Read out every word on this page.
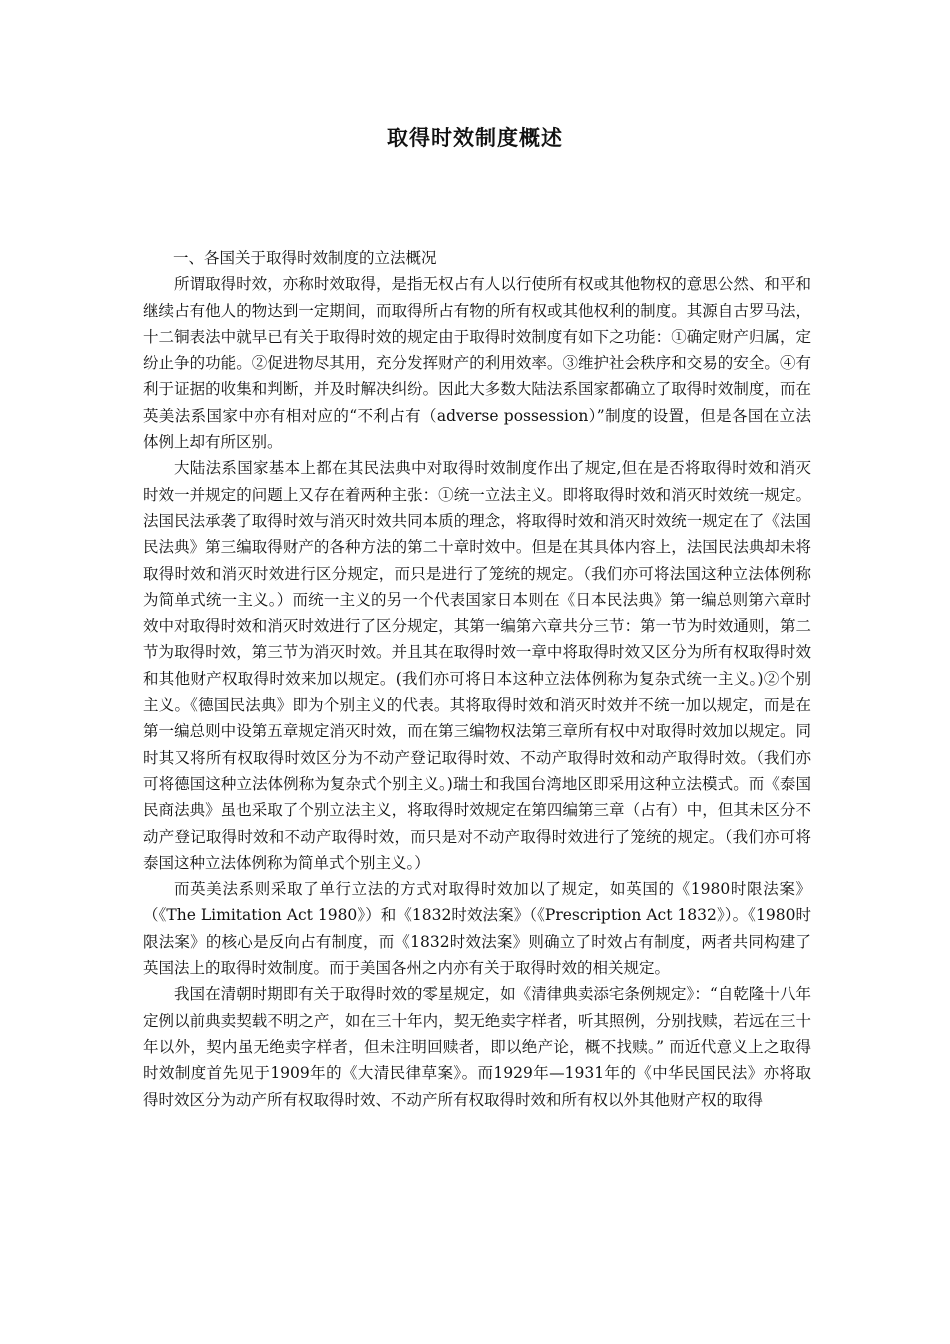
取得时效制度概述

一、各国关于取得时效制度的立法概况

所谓取得时效，亦称时效取得，是指无权占有人以行使所有权或其他物权的意思公然、和平和继续占有他人的物达到一定期间，而取得所占有物的所有权或其他权利的制度。其源自古罗马法，十二铜表法中就早已有关于取得时效的规定由于取得时效制度有如下之功能：①确定财产归属，定纷止争的功能。②促进物尽其用，充分发挥财产的利用效率。③维护社会秩序和交易的安全。④有利于证据的收集和判断，并及时解决纠纷。因此大多数大陆法系国家都确立了取得时效制度，而在英美法系国家中亦有相对应的“不利占有（adverse possession）”制度的设置，但是各国在立法体例上却有所区别。

大陆法系国家基本上都在其民法典中对取得时效制度作出了规定,但在是否将取得时效和消灭时效一并规定的问题上又存在着两种主张：①统一立法主义。即将取得时效和消灭时效统一规定。法国民法承袭了取得时效与消灭时效共同本质的理念，将取得时效和消灭时效统一规定在了《法国民法典》第三编取得财产的各种方法的第二十章时效中。但是在其具体内容上，法国民法典却未将取得时效和消灭时效进行区分规定，而只是进行了笼统的规定。（我们亦可将法国这种立法体例称为简单式统一主义。）而统一主义的另一个代表国家日本则在《日本民法典》第一编总则第六章时效中对取得时效和消灭时效进行了区分规定，其第一编第六章共分三节：第一节为时效通则，第二节为取得时效，第三节为消灭时效。并且其在取得时效一章中将取得时效又区分为所有权取得时效和其他财产权取得时效来加以规定。(我们亦可将日本这种立法体例称为复杂式统一主义。)②个别主义。《德国民法典》即为个别主义的代表。其将取得时效和消灭时效并不统一加以规定，而是在第一编总则中设第五章规定消灭时效，而在第三编物权法第三章所有权中对取得时效加以规定。同时其又将所有权取得时效区分为不动产登记取得时效、不动产取得时效和动产取得时效。（我们亦可将德国这种立法体例称为复杂式个别主义。)瑞士和我国台湾地区即采用这种立法模式。而《泰国民商法典》虽也采取了个别立法主义，将取得时效规定在第四编第三章（占有）中，但其未区分不动产登记取得时效和不动产取得时效，而只是对不动产取得时效进行了笼统的规定。（我们亦可将泰国这种立法体例称为简单式个别主义。）

而英美法系则采取了单行立法的方式对取得时效加以了规定，如英国的《1980时限法案》（《The Limitation Act 1980》）和《1832时效法案》（《Prescription Act 1832》）。《1980时限法案》的核心是反向占有制度，而《1832时效法案》则确立了时效占有制度，两者共同构建了英国法上的取得时效制度。而于美国各州之内亦有关于取得时效的相关规定。

我国在清朝时期即有关于取得时效的零星规定，如《清律典卖添宅条例规定》：“自乾隆十八年定例以前典卖契载不明之产，如在三十年内，契无绝卖字样者，听其照例，分别找赎，若远在三十年以外，契内虽无绝卖字样者，但未注明回赎者，即以绝产论，概不找赎。” 而近代意义上之取得时效制度首先见于1909年的《大清民律草案》。而1929年—1931年的《中华民国民法》亦将取得时效区分为动产所有权取得时效、不动产所有权取得时效和所有权以外其他财产权的取得
